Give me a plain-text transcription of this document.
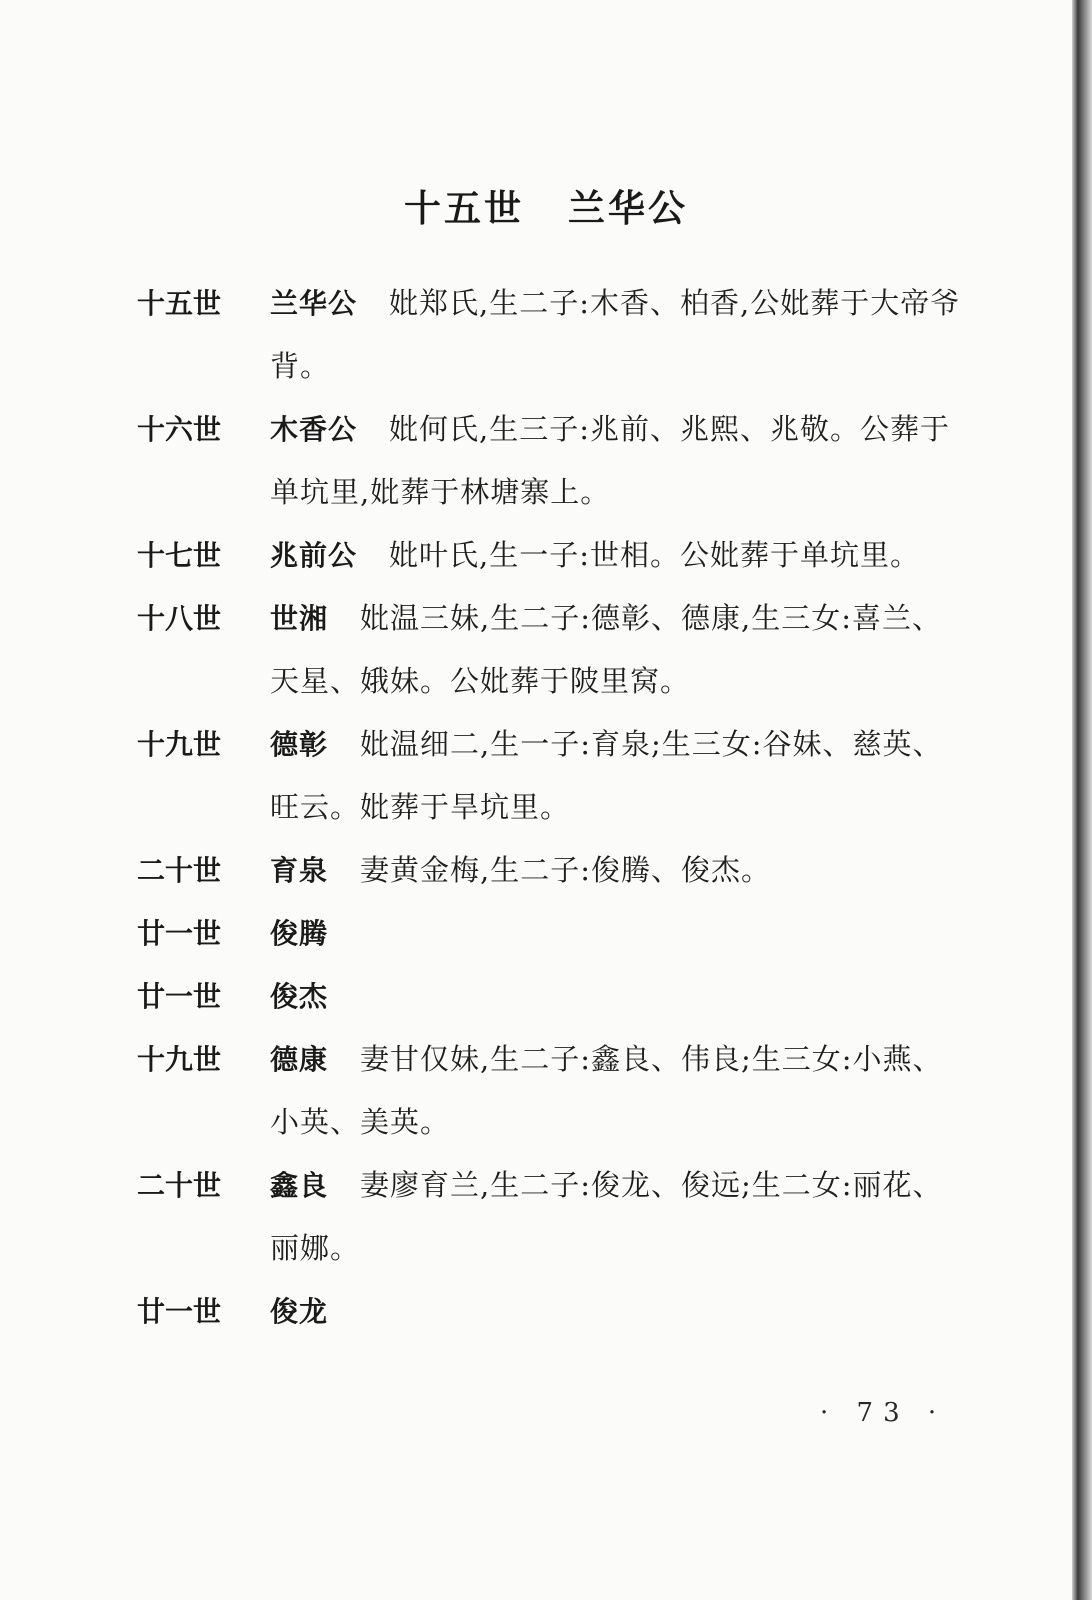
十五世 兰华公
十五世	兰华公 妣郑氏,生二子:木香、柏香,公妣葬于大帝爷背。
十六世	木香公 妣何氏,生三子:兆前、兆熙、兆敬。公葬于单坑里,妣葬于林塘寨上。
十七世	兆前公 妣叶氏,生一子:世相。公妣葬于单坑里。
十八世	世湘 妣温三妹,生二子:德彰、德康,生三女:喜兰、天星、娥妹。公妣葬于陂里窝。
十九世	德彰 妣温细二,生一子:育泉;生三女:谷妹、慈英、旺云。妣葬于旱坑里。
二十世	育泉 妻黄金梅,生二子:俊腾、俊杰。
廿一世	俊腾
廿一世	俊杰
十九世	德康 妻甘仅妹,生二子:鑫良、伟良;生三女:小燕、小英、美英。
二十世	鑫良 妻廖育兰,生二子:俊龙、俊远;生二女:丽花、丽娜。
廿一世	俊龙
· 73 ·
